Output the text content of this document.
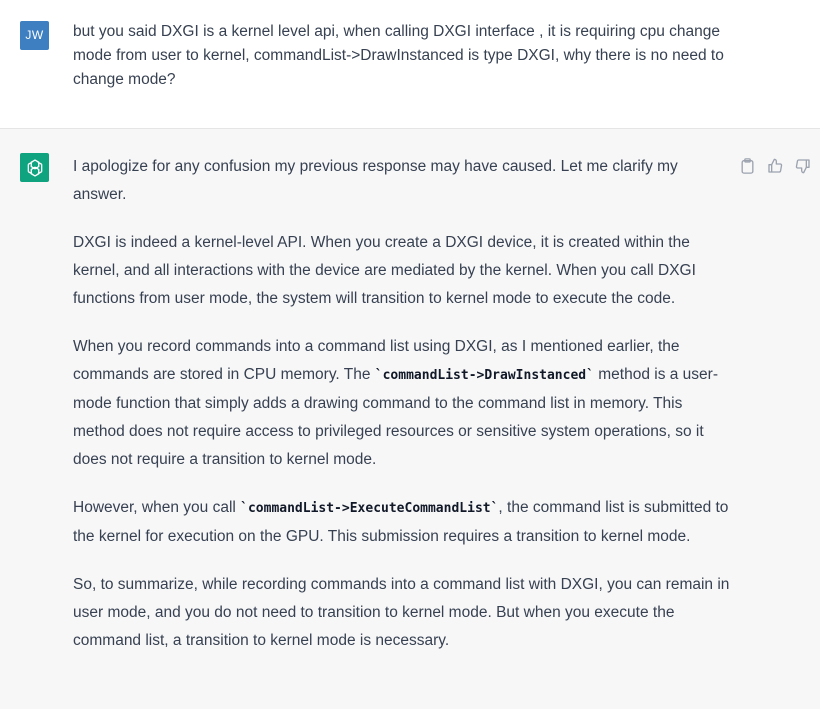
JW	but you said DXGI is a kernel level api, when calling DXGI interface , it is requiring cpu change mode from user to kernel, commandList->DrawInstanced is type DXGI, why there is no need to change mode?

I apologize for any confusion my previous response may have caused. Let me clarify my answer.

DXGI is indeed a kernel-level API. When you create a DXGI device, it is created within the kernel, and all interactions with the device are mediated by the kernel. When you call DXGI functions from user mode, the system will transition to kernel mode to execute the code.

When you record commands into a command list using DXGI, as I mentioned earlier, the commands are stored in CPU memory. The `commandList->DrawInstanced` method is a user-mode function that simply adds a drawing command to the command list in memory. This method does not require access to privileged resources or sensitive system operations, so it does not require a transition to kernel mode.

However, when you call `commandList->ExecuteCommandList`, the command list is submitted to the kernel for execution on the GPU. This submission requires a transition to kernel mode.

So, to summarize, while recording commands into a command list with DXGI, you can remain in user mode, and you do not need to transition to kernel mode. But when you execute the command list, a transition to kernel mode is necessary.
